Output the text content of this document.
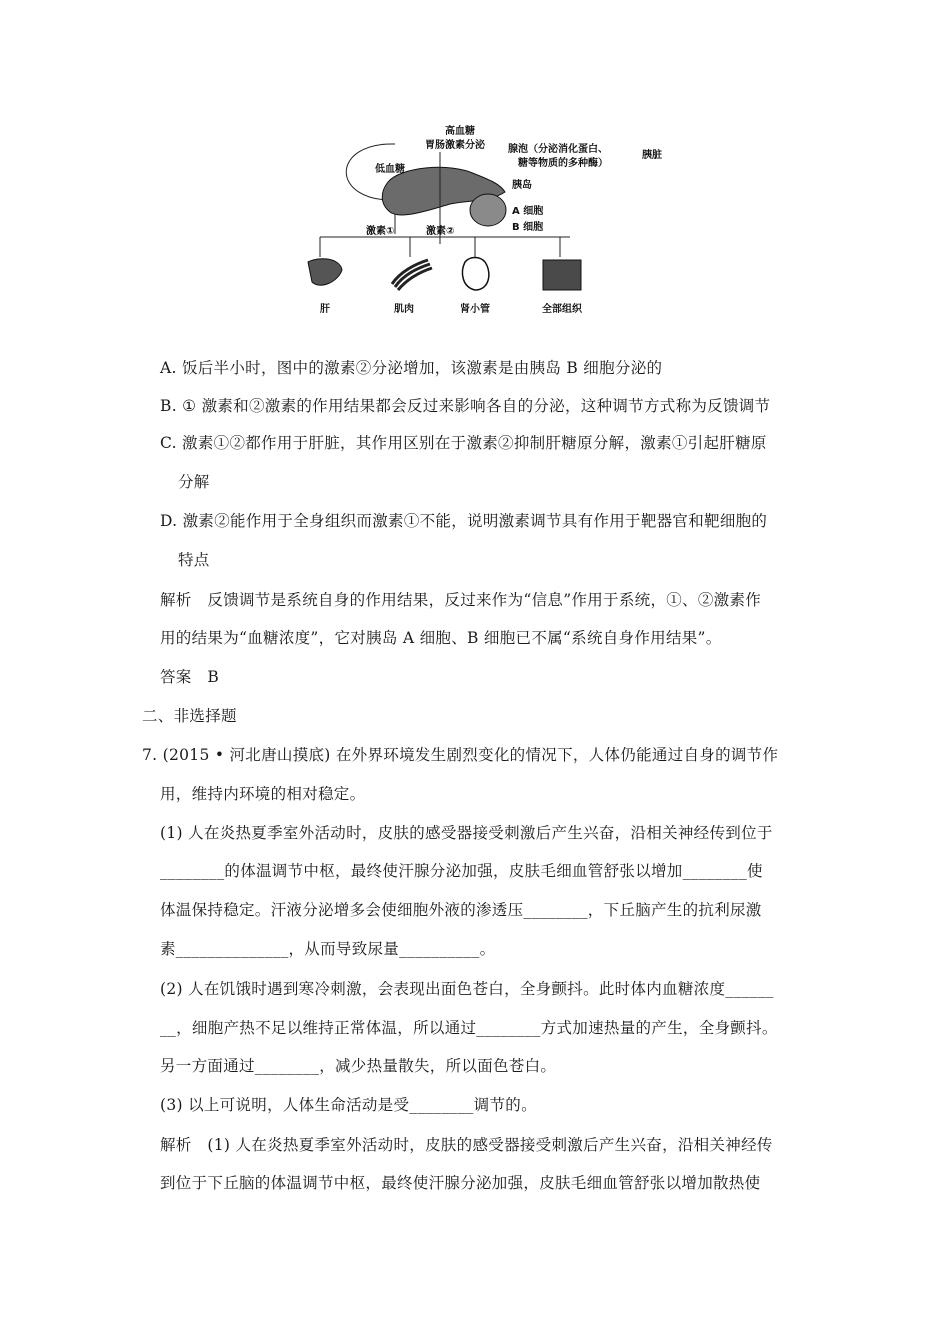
高血糖
胃肠激素分泌 腺泡（分泌消化蛋白、
糖等物质的多种酶）
胰脏
低血糖
胰岛
A 细胞
B 细胞
激素①	激素②
肝	肌肉	肾小管	全部组织
A. 饭后半小时，图中的激素②分泌增加，该激素是由胰岛 B 细胞分泌的
B. ① 激素和②激素的作用结果都会反过来影响各自的分泌，这种调节方式称为反馈调节
C. 激素①②都作用于肝脏，其作用区别在于激素②抑制肝糖原分解，激素①引起肝糖原
分解
D. 激素②能作用于全身组织而激素①不能，说明激素调节具有作用于靶器官和靶细胞的
特点
解析　反馈调节是系统自身的作用结果，反过来作为“信息”作用于系统，①、②激素作
用的结果为“血糖浓度”，它对胰岛 A 细胞、B 细胞已不属“系统自身作用结果”。
答案　B
二、非选择题
7. (2015 • 河北唐山摸底) 在外界环境发生剧烈变化的情况下，人体仍能通过自身的调节作
用，维持内环境的相对稳定。
(1) 人在炎热夏季室外活动时，皮肤的感受器接受刺激后产生兴奋，沿相关神经传到位于
________的体温调节中枢，最终使汗腺分泌加强，皮肤毛细血管舒张以增加________使
体温保持稳定。汗液分泌增多会使细胞外液的渗透压________，下丘脑产生的抗利尿激
素______________，从而导致尿量__________。
(2) 人在饥饿时遇到寒冷刺激，会表现出面色苍白，全身颤抖。此时体内血糖浓度______
__，细胞产热不足以维持正常体温，所以通过________方式加速热量的产生，全身颤抖。
另一方面通过________，减少热量散失，所以面色苍白。
(3) 以上可说明，人体生命活动是受________调节的。
解析　(1) 人在炎热夏季室外活动时，皮肤的感受器接受刺激后产生兴奋，沿相关神经传
到位于下丘脑的体温调节中枢，最终使汗腺分泌加强，皮肤毛细血管舒张以增加散热使
